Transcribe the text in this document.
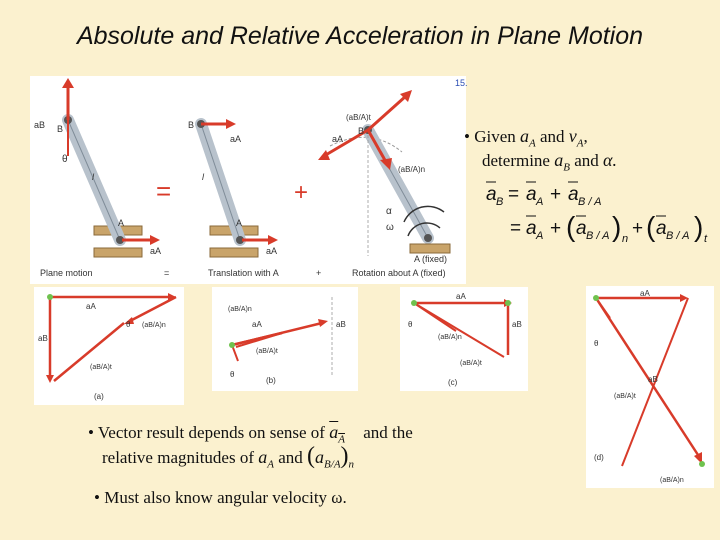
Absolute and Relative Acceleration in Plane Motion
15.
aB B
θ
l
A
aA
=
B
aA
l
A
aA
+
(aB/A)t
(aB/A)n
B
aA
α
ω
A (fixed)
Plane motion	=	Translation with A	+	Rotation about A (fixed)
• Given $a_A$ and $v_A$,
determine $a_B$ and α.
a B = a A + a B / A
= a A + ( a B / A ) n + ( a B / A ) t
aA
aB
(aB/A)n
(aB/A)t
θ
(a)
(aB/A)n
aA	aB
(aB/A)t
θ
(b)
aA
aB
(aB/A)n
(aB/A)t
θ
(c)
aA
aB
θ
(aB/A)t
(aB/A)n
(d)
• Vector result depends on sense of $a_A$ and the
relative magnitudes of $a_A$ and $(a_{B/A})_n$
• Must also know angular velocity ω.
